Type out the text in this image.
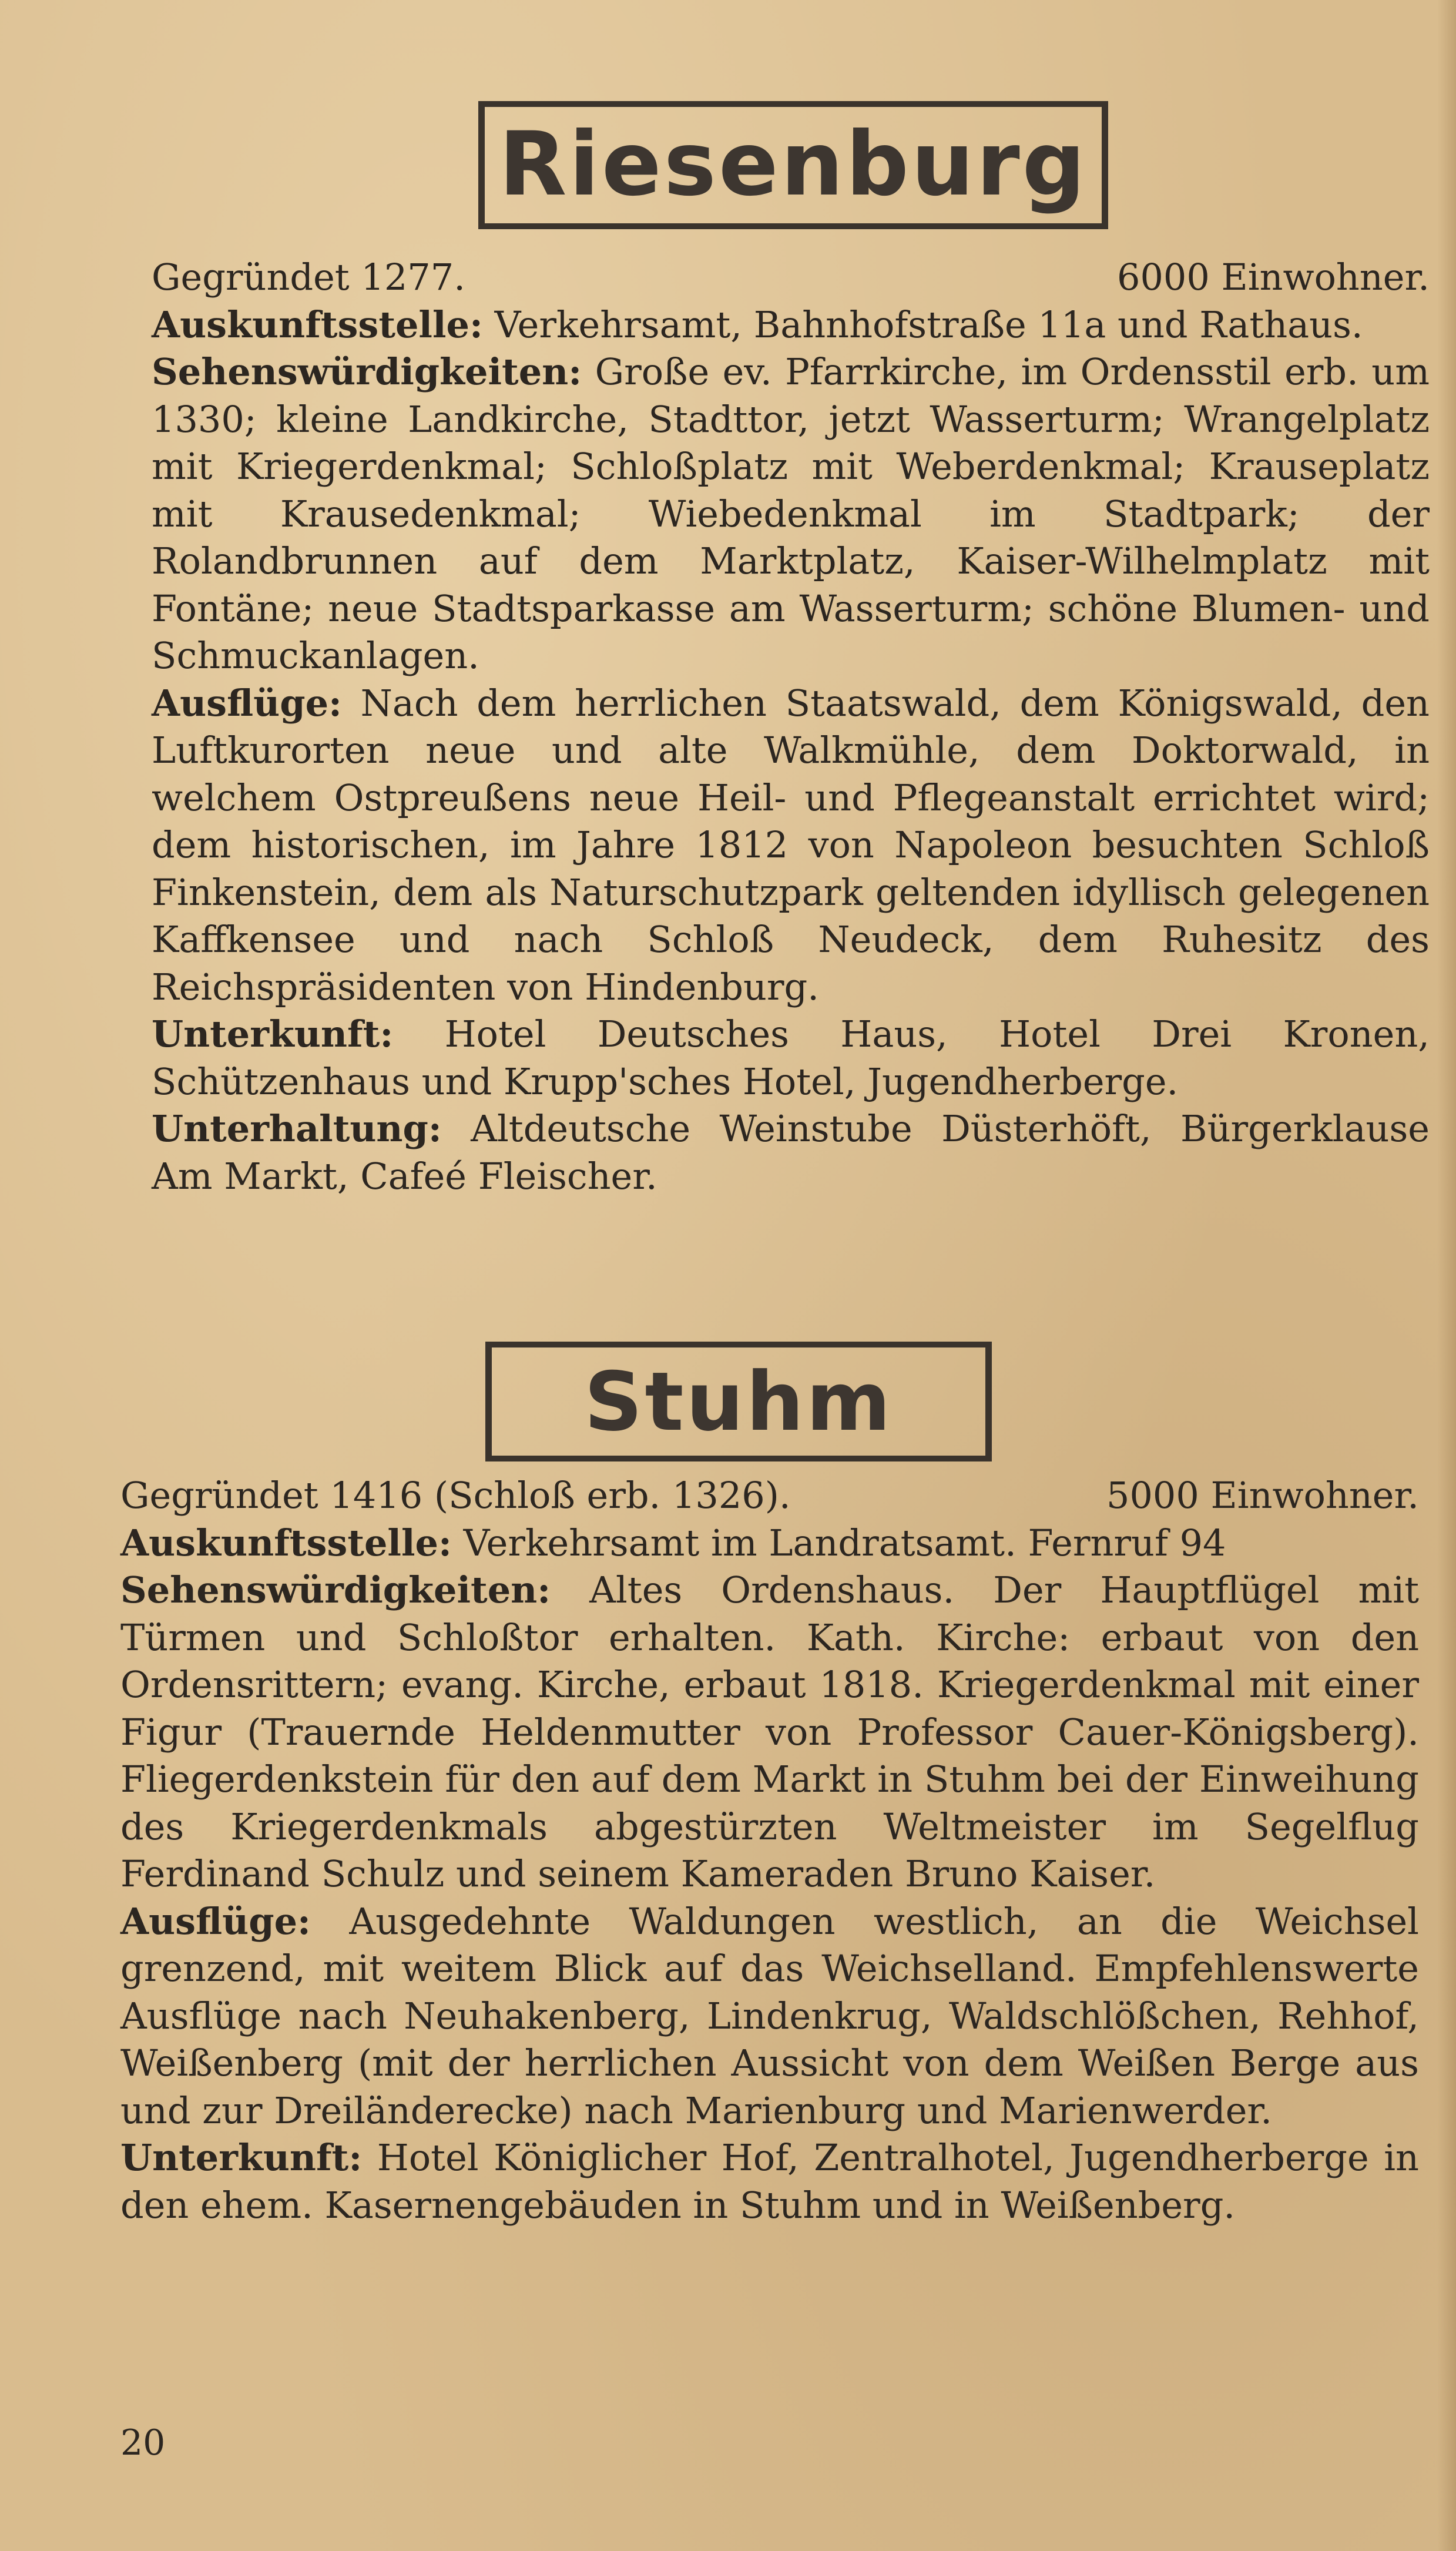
Riesenburg
Gegründet 1277.	6000 Einwohner.

Auskunftsstelle: Verkehrsamt, Bahnhofstraße 11a und Rathaus.

Sehenswürdigkeiten: Große ev. Pfarrkirche, im Ordensstil erb. um 1330; kleine Landkirche, Stadttor, jetzt Wasserturm; Wrangelplatz mit Kriegerdenkmal; Schloßplatz mit Weberdenkmal; Krauseplatz mit Krausedenkmal; Wiebedenkmal im Stadtpark; der Rolandbrunnen auf dem Marktplatz, Kaiser-Wilhelmplatz mit Fontäne; neue Stadtsparkasse am Wasserturm; schöne Blumen- und Schmuckanlagen.

Ausflüge: Nach dem herrlichen Staatswald, dem Königswald, den Luftkurorten neue und alte Walkmühle, dem Doktorwald, in welchem Ostpreußens neue Heil- und Pflegeanstalt errichtet wird; dem historischen, im Jahre 1812 von Napoleon besuchten Schloß Finkenstein, dem als Naturschutzpark geltenden idyllisch gelegenen Kaffkensee und nach Schloß Neudeck, dem Ruhesitz des Reichspräsidenten von Hindenburg.

Unterkunft: Hotel Deutsches Haus, Hotel Drei Kronen, Schützenhaus und Krupp'sches Hotel, Jugendherberge.

Unterhaltung: Altdeutsche Weinstube Düsterhöft, Bürgerklause Am Markt, Cafeé Fleischer.

Stuhm
Gegründet 1416 (Schloß erb. 1326).	5000 Einwohner.

Auskunftsstelle: Verkehrsamt im Landratsamt. Fernruf 94

Sehenswürdigkeiten: Altes Ordenshaus. Der Hauptflügel mit Türmen und Schloßtor erhalten. Kath. Kirche: erbaut von den Ordensrittern; evang. Kirche, erbaut 1818. Kriegerdenkmal mit einer Figur (Trauernde Heldenmutter von Professor Cauer-Königsberg). Fliegerdenkstein für den auf dem Markt in Stuhm bei der Einweihung des Kriegerdenkmals abgestürzten Weltmeister im Segelflug Ferdinand Schulz und seinem Kameraden Bruno Kaiser.

Ausflüge: Ausgedehnte Waldungen westlich, an die Weichsel grenzend, mit weitem Blick auf das Weichselland. Empfehlenswerte Ausflüge nach Neuhakenberg, Lindenkrug, Waldschlößchen, Rehhof, Weißenberg (mit der herrlichen Aussicht von dem Weißen Berge aus und zur Dreiländerecke) nach Marienburg und Marienwerder.

Unterkunft: Hotel Königlicher Hof, Zentralhotel, Jugendherberge in den ehem. Kasernengebäuden in Stuhm und in Weißenberg.

20
